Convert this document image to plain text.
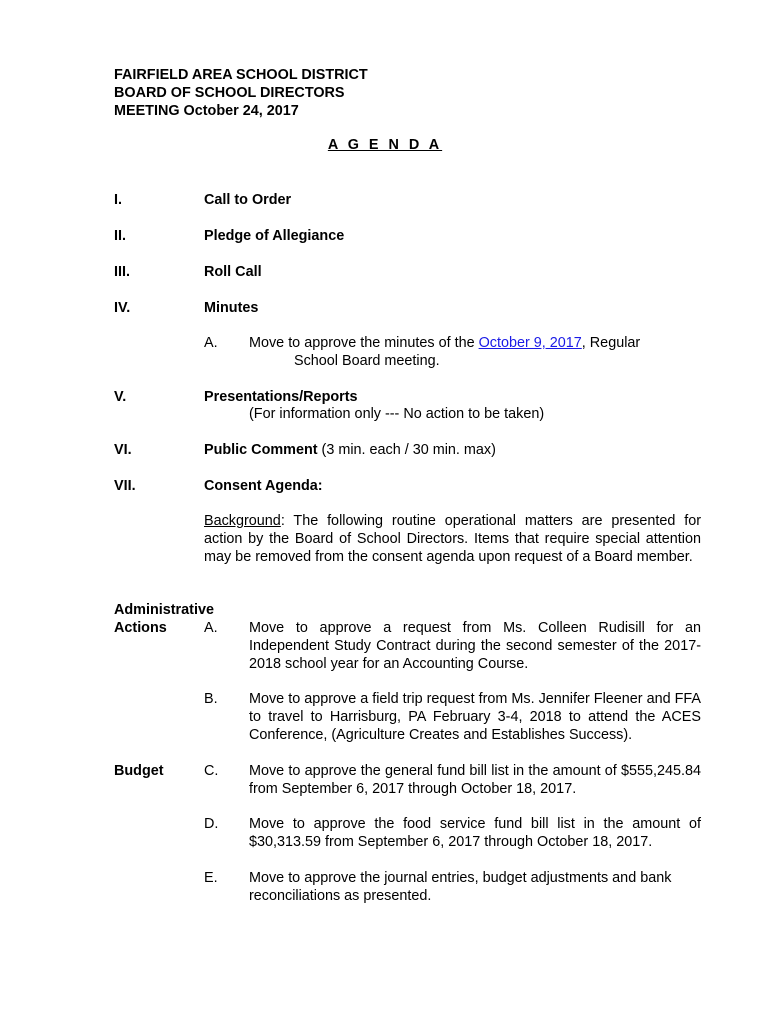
FAIRFIELD AREA SCHOOL DISTRICT
BOARD OF SCHOOL DIRECTORS
MEETING October 24, 2017
A G E N D A
I.	Call to Order
II.	Pledge of Allegiance
III.	Roll Call
IV.	Minutes
A. Move to approve the minutes of the October 9, 2017, Regular
School Board meeting.
V.	Presentations/Reports
(For information only --- No action to be taken)
VI.	Public Comment (3 min. each / 30 min. max)
VII.	Consent Agenda:
Background: The following routine operational matters are presented for action by the Board of School Directors. Items that require special attention may be removed from the consent agenda upon request of a Board member.
Administrative
Actions	A. Move to approve a request from Ms. Colleen Rudisill for an Independent Study Contract during the second semester of the 2017-2018 school year for an Accounting Course.
B. Move to approve a field trip request from Ms. Jennifer Fleener and FFA to travel to Harrisburg, PA February 3-4, 2018 to attend the ACES Conference, (Agriculture Creates and Establishes Success).
Budget	C. Move to approve the general fund bill list in the amount of $555,245.84 from September 6, 2017 through October 18, 2017.
D. Move to approve the food service fund bill list in the amount of $30,313.59 from September 6, 2017 through October 18, 2017.
E. Move to approve the journal entries, budget adjustments and bank reconciliations as presented.
